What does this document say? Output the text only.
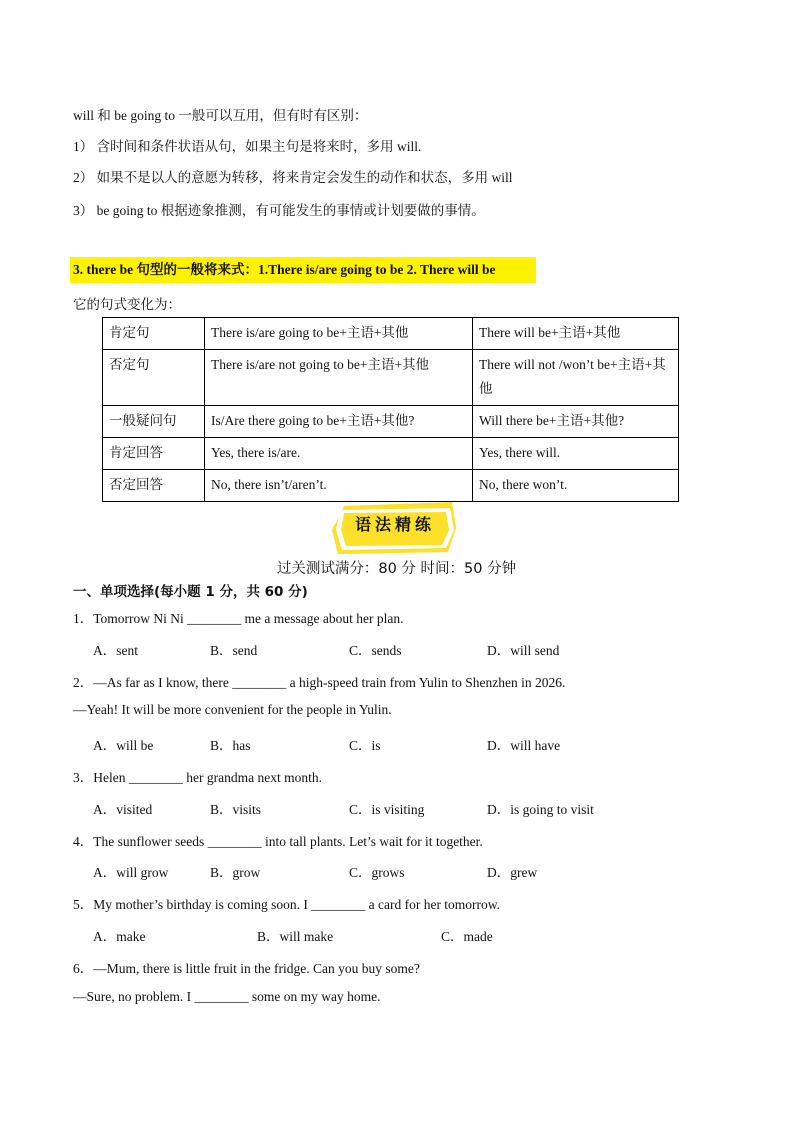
will 和 be going to 一般可以互用，但有时有区别：
1） 含时间和条件状语从句，如果主句是将来时，多用 will.
2） 如果不是以人的意愿为转移，将来肯定会发生的动作和状态，多用 will
3） be going to 根据迹象推测，有可能发生的事情或计划要做的事情。
3. there be 句型的一般将来式：1.There is/are going to be 2. There will be
它的句式变化为：
肯定句	There is/are going to be+主语+其他	There will be+主语+其他
否定句	There is/are not going to be+主语+其他	There will not /won’t be+主语+其他
一般疑问句	Is/Are there going to be+主语+其他?	Will there be+主语+其他?
肯定回答	Yes, there is/are.	Yes, there will.
否定回答	No, there isn’t/aren’t.	No, there won’t.
语法精练
过关测试满分：80 分 时间：50 分钟
一、单项选择(每小题 1 分，共 60 分)
1．Tomorrow Ni Ni ________ me a message about her plan.
A．sent	B．send	C．sends	D．will send
2．—As far as I know, there ________ a high-speed train from Yulin to Shenzhen in 2026.
—Yeah! It will be more convenient for the people in Yulin.
A．will be	B．has	C．is	D．will have
3．Helen ________ her grandma next month.
A．visited	B．visits	C．is visiting	D．is going to visit
4．The sunflower seeds ________ into tall plants. Let’s wait for it together.
A．will grow	B．grow	C．grows	D．grew
5．My mother’s birthday is coming soon. I ________ a card for her tomorrow.
A．make	B．will make	C．made
6．—Mum, there is little fruit in the fridge. Can you buy some?
—Sure, no problem. I ________ some on my way home.
